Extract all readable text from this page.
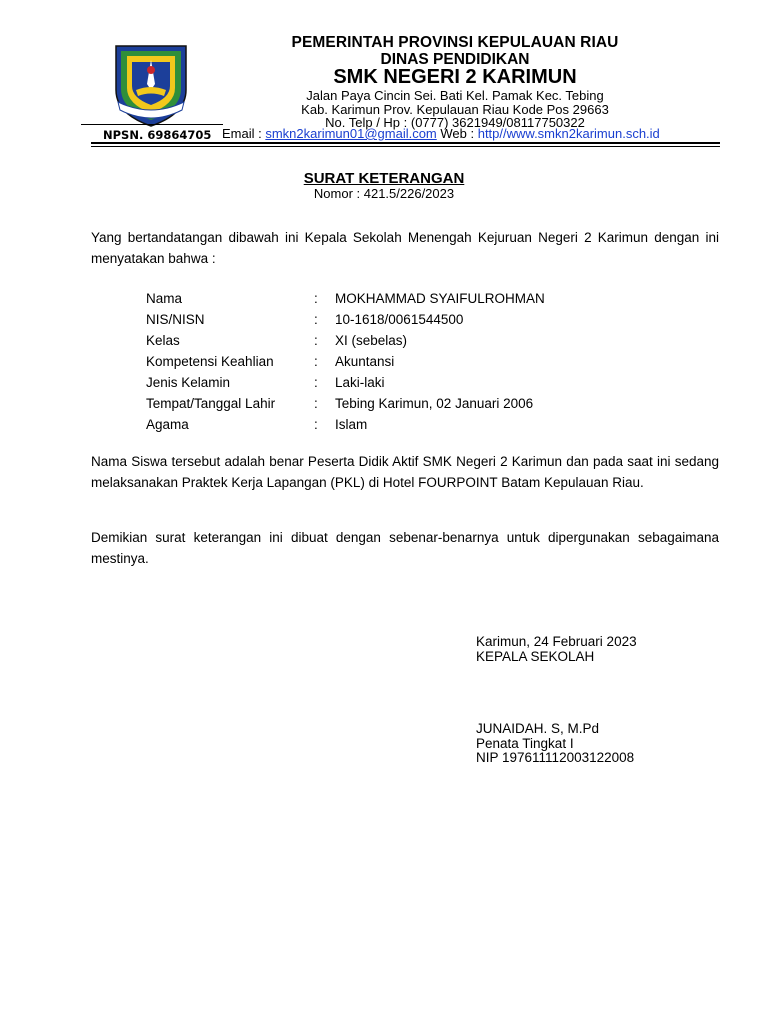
PEMERINTAH PROVINSI KEPULAUAN RIAU
DINAS PENDIDIKAN
SMK NEGERI 2 KARIMUN
Jalan Paya Cincin Sei. Bati Kel. Pamak Kec. Tebing
Kab. Karimun Prov. Kepulauan Riau Kode Pos 29663
No. Telp / Hp : (0777) 3621949/08117750322
NPSN. 69864705 Email : smkn2karimun01@gmail.com Web : http//www.smkn2karimun.sch.id
SURAT KETERANGAN
Nomor : 421.5/226/2023
Yang bertandatangan dibawah ini Kepala Sekolah Menengah Kejuruan Negeri 2 Karimun dengan ini menyatakan bahwa :
Nama	: MOKHAMMAD SYAIFULROHMAN
NIS/NISN	: 10-1618/0061544500
Kelas	: XI (sebelas)
Kompetensi Keahlian	: Akuntansi
Jenis Kelamin	: Laki-laki
Tempat/Tanggal Lahir	: Tebing Karimun, 02 Januari 2006
Agama	: Islam
Nama Siswa tersebut adalah benar Peserta Didik Aktif SMK Negeri 2 Karimun dan pada saat ini sedang melaksanakan Praktek Kerja Lapangan (PKL) di Hotel FOURPOINT Batam Kepulauan Riau.
Demikian surat keterangan ini dibuat dengan sebenar-benarnya untuk dipergunakan sebagaimana mestinya.
Karimun, 24 Februari 2023
KEPALA SEKOLAH
JUNAIDAH. S, M.Pd
Penata Tingkat I
NIP 197611112003122008
